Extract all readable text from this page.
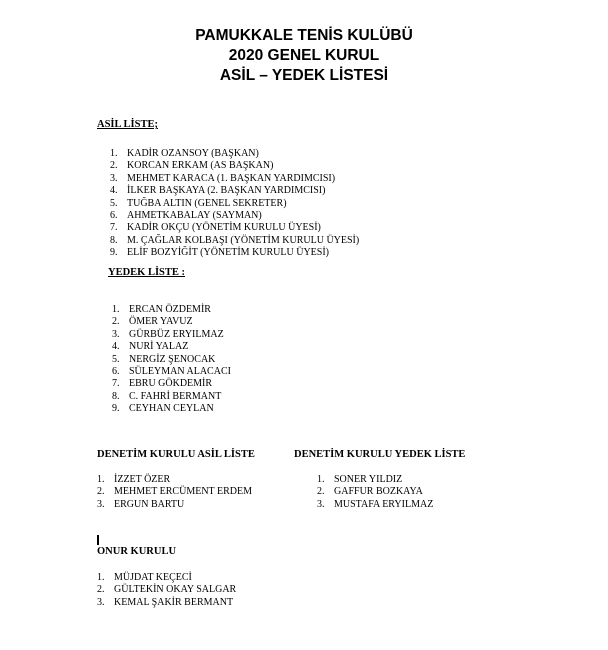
PAMUKKALE TENİS KULÜBÜ
2020 GENEL KURUL
ASİL – YEDEK LİSTESİ
ASİL LİSTE;
1. KADİR OZANSOY (BAŞKAN)
2. KORCAN ERKAM (AS BAŞKAN)
3. MEHMET KARACA (1. BAŞKAN YARDIMCISI)
4. İLKER BAŞKAYA (2. BAŞKAN YARDIMCISI)
5. TUĞBA ALTIN (GENEL SEKRETER)
6. AHMETKABALAY (SAYMAN)
7. KADİR OKÇU (YÖNETİM KURULU ÜYESİ)
8. M. ÇAĞLAR KOLBAŞI (YÖNETİM KURULU ÜYESİ)
9. ELİF BOZYİĞİT (YÖNETİM KURULU ÜYESİ)
YEDEK LİSTE :
1. ERCAN ÖZDEMİR
2. ÖMER YAVUZ
3. GÜRBÜZ ERYILMAZ
4. NURİ YALAZ
5. NERGİZ ŞENOCAK
6. SÜLEYMAN ALACACI
7. EBRU GÖKDEMİR
8. C. FAHRİ BERMANT
9. CEYHAN CEYLAN
DENETİM KURULU ASİL LİSTE
1. İZZET ÖZER
2. MEHMET ERCÜMENT ERDEM
3. ERGUN BARTU
DENETİM KURULU YEDEK LİSTE
1. SONER YILDIZ
2. GAFFUR BOZKAYA
3. MUSTAFA ERYILMAZ
ONUR KURULU
1. MÜJDAT KEÇECİ
2. GÜLTEKİN OKAY SALGAR
3. KEMAL ŞAKİR BERMANT
